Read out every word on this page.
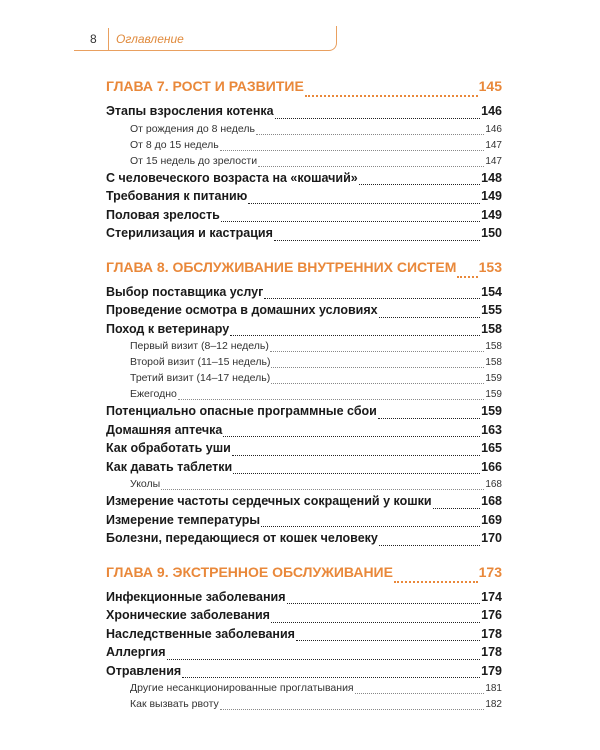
8 Оглавление
ГЛАВА 7. РОСТ И РАЗВИТИЕ	145
Этапы взросления котенка	146
От рождения до 8 недель	146
От 8 до 15 недель	147
От 15 недель до зрелости	147
С человеческого возраста на «кошачий»	148
Требования к питанию	149
Половая зрелость	149
Стерилизация и кастрация	150
ГЛАВА 8. ОБСЛУЖИВАНИЕ ВНУТРЕННИХ СИСТЕМ 153
Выбор поставщика услуг	154
Проведение осмотра в домашних условиях	155
Поход к ветеринару	158
Первый визит (8–12 недель)	158
Второй визит (11–15 недель)	158
Третий визит (14–17 недель)	159
Ежегодно	159
Потенциально опасные программные сбои	159
Домашняя аптечка	163
Как обработать уши	165
Как давать таблетки	166
Уколы	168
Измерение частоты сердечных сокращений у кошки	168
Измерение температуры	169
Болезни, передающиеся от кошек человеку	170
ГЛАВА 9. ЭКСТРЕННОЕ ОБСЛУЖИВАНИЕ	173
Инфекционные заболевания	174
Хронические заболевания	176
Наследственные заболевания	178
Аллергия	178
Отравления	179
Другие несанкционированные проглатывания	181
Как вызвать рвоту	182
